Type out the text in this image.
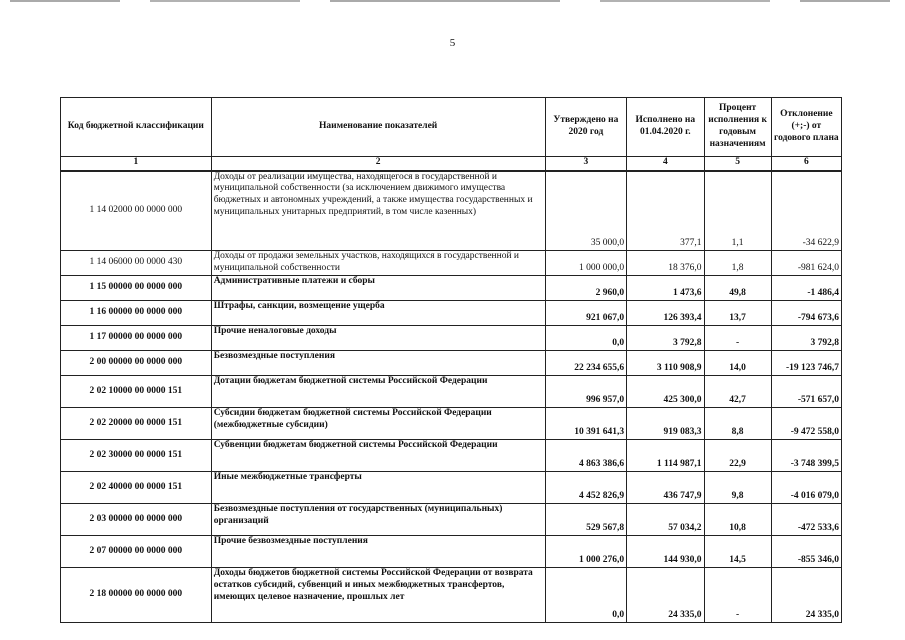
5
Код бюджетной классификации	Наименование показателей	Утверждено на 2020 год	Исполнено на 01.04.2020 г.	Процент исполнения к годовым назначениям	Отклонение (+;-) от годового плана
1	2	3	4	5	6
1 14 02000 00 0000 000	Доходы от реализации имущества, находящегося в государственной и муниципальной собственности (за исключением движимого имущества бюджетных и автономных учреждений, а также имущества государственных и муниципальных унитарных предприятий, в том числе казенных)	35 000,0	377,1	1,1	-34 622,9
1 14 06000 00 0000 430	Доходы от продажи земельных участков, находящихся в государственной и муниципальной собственности	1 000 000,0	18 376,0	1,8	-981 624,0
1 15 00000 00 0000 000	Административные платежи и сборы	2 960,0	1 473,6	49,8	-1 486,4
1 16 00000 00 0000 000	Штрафы, санкции, возмещение ущерба	921 067,0	126 393,4	13,7	-794 673,6
1 17 00000 00 0000 000	Прочие неналоговые доходы	0,0	3 792,8	-	3 792,8
2 00 00000 00 0000 000	Безвозмездные поступления	22 234 655,6	3 110 908,9	14,0	-19 123 746,7
2 02 10000 00 0000 151	Дотации бюджетам бюджетной системы Российской Федерации	996 957,0	425 300,0	42,7	-571 657,0
2 02 20000 00 0000 151	Субсидии бюджетам бюджетной системы Российской Федерации (межбюджетные субсидии)	10 391 641,3	919 083,3	8,8	-9 472 558,0
2 02 30000 00 0000 151	Субвенции бюджетам бюджетной системы Российской Федерации	4 863 386,6	1 114 987,1	22,9	-3 748 399,5
2 02 40000 00 0000 151	Иные межбюджетные трансферты	4 452 826,9	436 747,9	9,8	-4 016 079,0
2 03 00000 00 0000 000	Безвозмездные поступления от государственных (муниципальных) организаций	529 567,8	57 034,2	10,8	-472 533,6
2 07 00000 00 0000 000	Прочие безвозмездные поступления	1 000 276,0	144 930,0	14,5	-855 346,0
2 18 00000 00 0000 000	Доходы бюджетов бюджетной системы Российской Федерации от возврата остатков субсидий, субвенций и иных межбюджетных трансфертов, имеющих целевое назначение, прошлых лет	0,0	24 335,0	-	24 335,0
